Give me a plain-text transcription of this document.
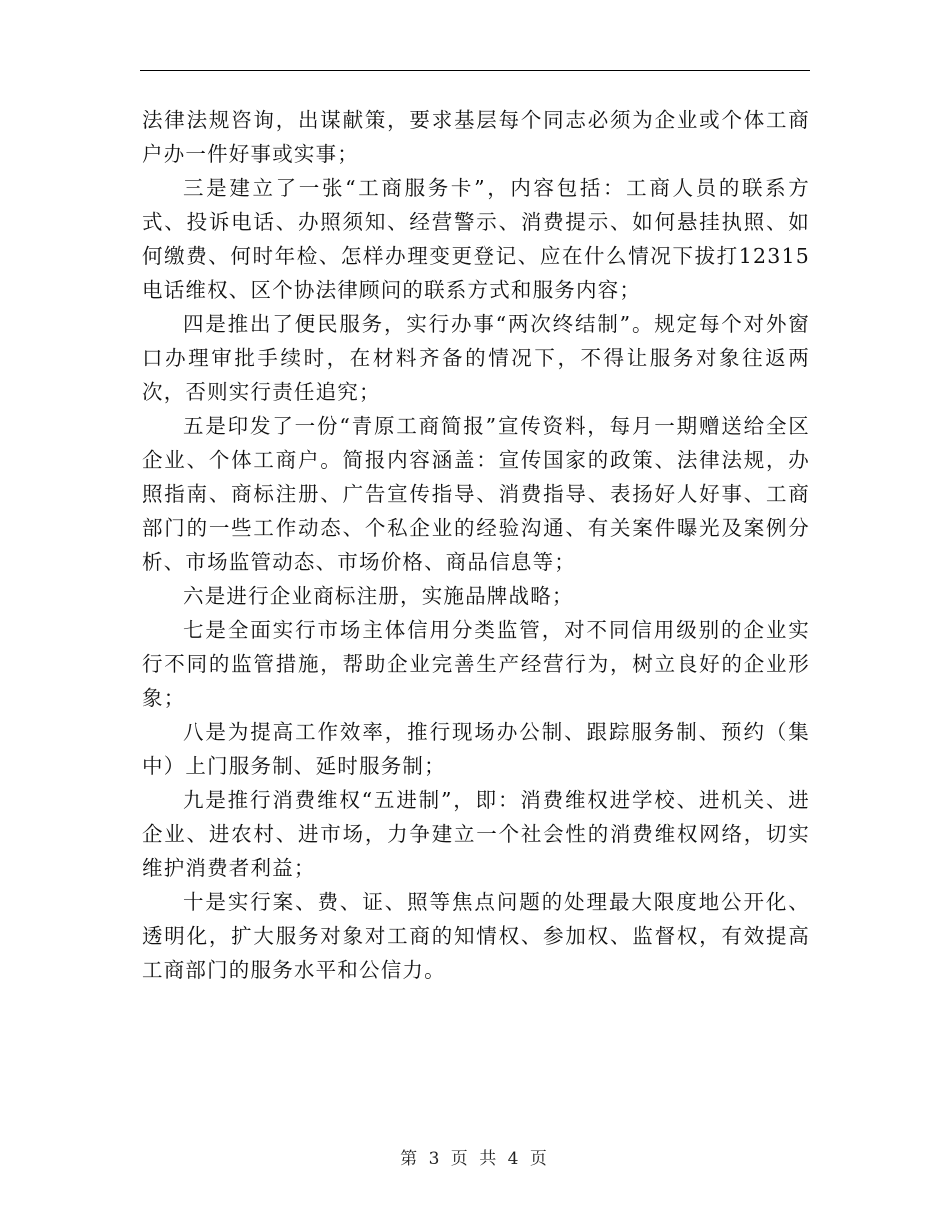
法律法规咨询，出谋献策，要求基层每个同志必须为企业或个体工商户办一件好事或实事；

三是建立了一张“工商服务卡”，内容包括：工商人员的联系方式、投诉电话、办照须知、经营警示、消费提示、如何悬挂执照、如何缴费、何时年检、怎样办理变更登记、应在什么情况下拔打12315电话维权、区个协法律顾问的联系方式和服务内容；

四是推出了便民服务，实行办事“两次终结制”。规定每个对外窗口办理审批手续时，在材料齐备的情况下，不得让服务对象往返两次，否则实行责任追究；

五是印发了一份“青原工商简报”宣传资料，每月一期赠送给全区企业、个体工商户。简报内容涵盖：宣传国家的政策、法律法规，办照指南、商标注册、广告宣传指导、消费指导、表扬好人好事、工商部门的一些工作动态、个私企业的经验沟通、有关案件曝光及案例分析、市场监管动态、市场价格、商品信息等；

六是进行企业商标注册，实施品牌战略；

七是全面实行市场主体信用分类监管，对不同信用级别的企业实行不同的监管措施，帮助企业完善生产经营行为，树立良好的企业形象；

八是为提高工作效率，推行现场办公制、跟踪服务制、预约（集中）上门服务制、延时服务制；

九是推行消费维权“五进制”，即：消费维权进学校、进机关、进企业、进农村、进市场，力争建立一个社会性的消费维权网络，切实维护消费者利益；

十是实行案、费、证、照等焦点问题的处理最大限度地公开化、透明化，扩大服务对象对工商的知情权、参加权、监督权，有效提高工商部门的服务水平和公信力。

第 3 页 共 4 页
